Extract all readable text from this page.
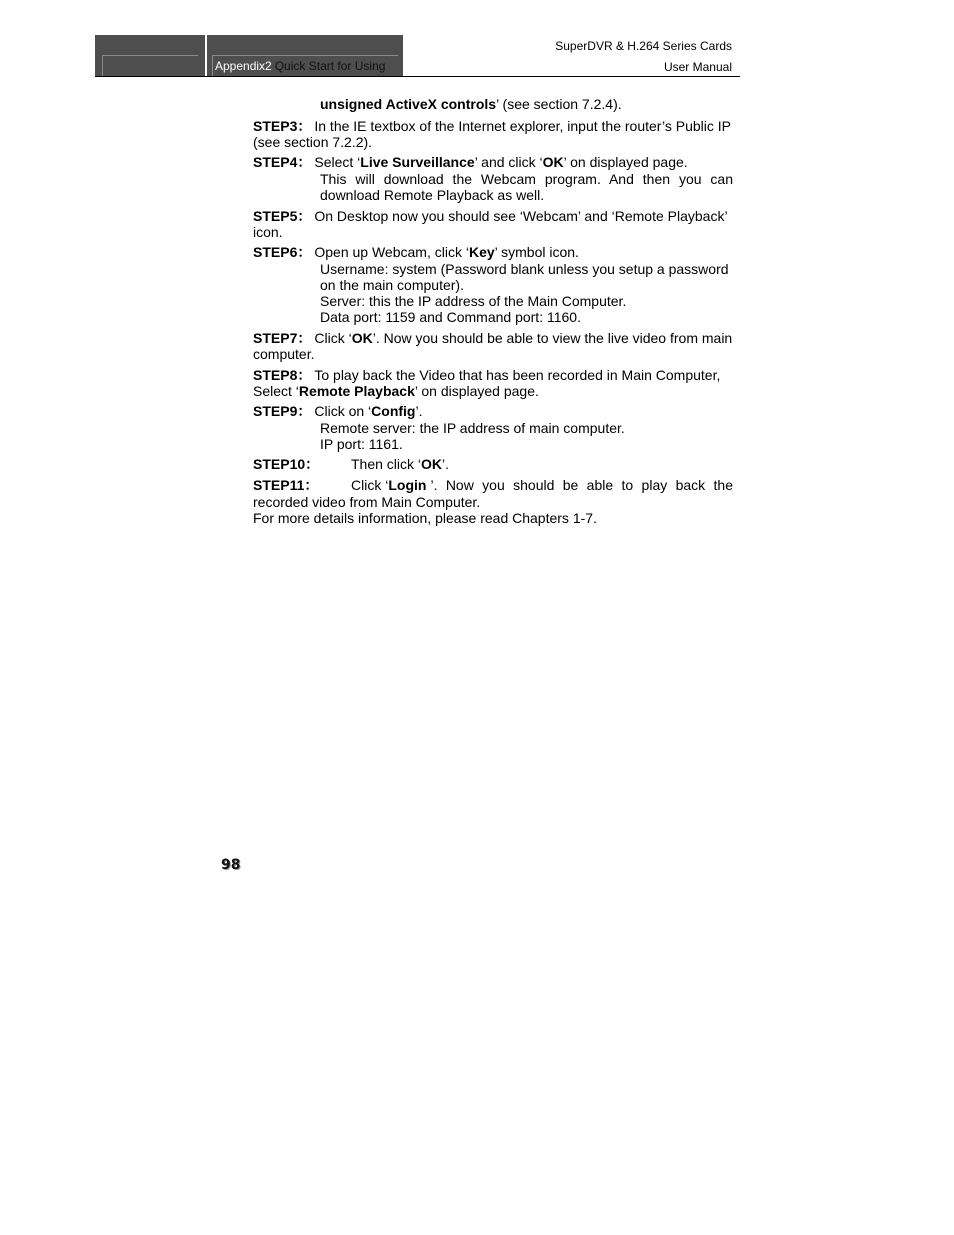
Appendix2 Quick Start for Using
SuperDVR & H.264 Series Cards
User Manual
unsigned ActiveX controls’ (see section 7.2.4).
STEP3： In the IE textbox of the Internet explorer, input the router’s Public IP
(see section 7.2.2).
STEP4： Select ‘Live Surveillance’ and click ‘OK’ on displayed page.
This will download the Webcam program. And then you can
download Remote Playback as well.
STEP5： On Desktop now you should see ‘Webcam’ and ‘Remote Playback’
icon.
STEP6： Open up Webcam, click ‘Key’ symbol icon.
Username: system (Password blank unless you setup a password
on the main computer).
Server: this the IP address of the Main Computer.
Data port: 1159 and Command port: 1160.
STEP7： Click ‘OK’. Now you should be able to view the live video from main
computer.
STEP8： To play back the Video that has been recorded in Main Computer,
Select ‘Remote Playback’ on displayed page.
STEP9： Click on ‘Config’.
Remote server: the IP address of main computer.
IP port: 1161.
STEP10： Then click ‘OK’.
STEP11： Click ‘Login ’. Now you should be able to play back the
recorded video from Main Computer.
For more details information, please read Chapters 1-7.
98
